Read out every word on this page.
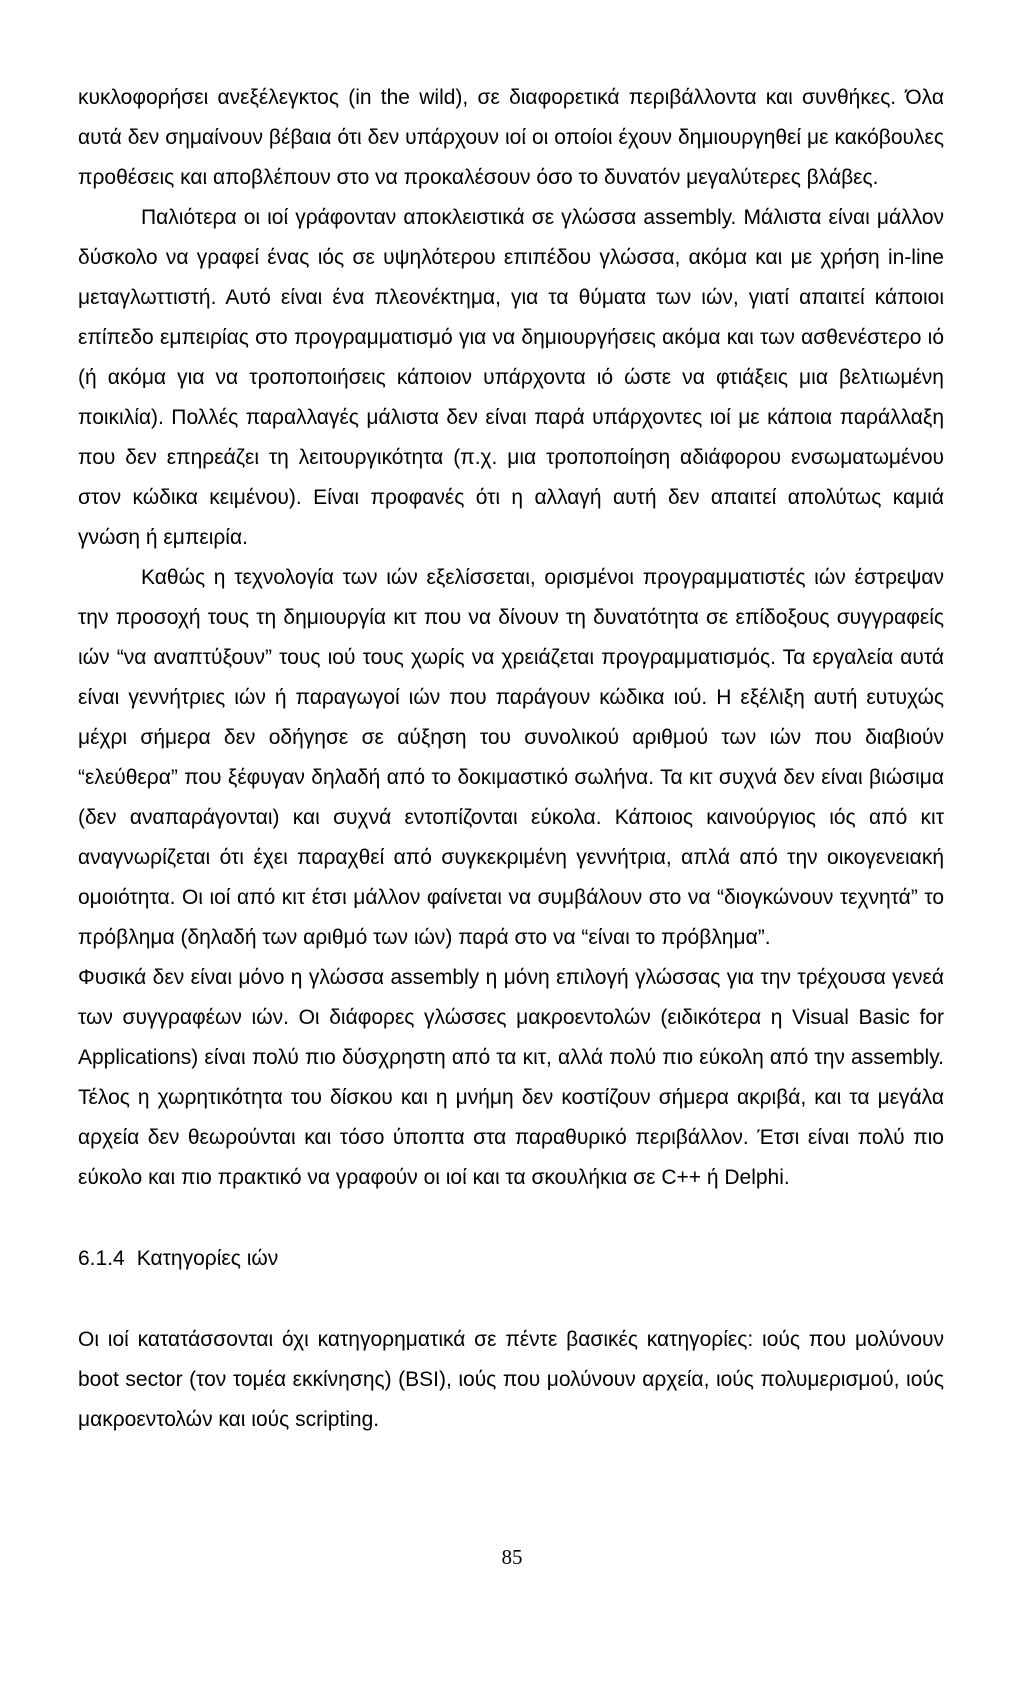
κυκλοφορήσει ανεξέλεγκτος (in the wild), σε διαφορετικά περιβάλλοντα και συνθήκες. Όλα αυτά δεν σημαίνουν βέβαια ότι δεν υπάρχουν ιοί οι οποίοι έχουν δημιουργηθεί με κακόβουλες προθέσεις και αποβλέπουν στο να προκαλέσουν όσο το δυνατόν μεγαλύτερες βλάβες.

Παλιότερα οι ιοί γράφονταν αποκλειστικά σε γλώσσα assembly. Μάλιστα είναι μάλλον δύσκολο να γραφεί ένας ιός σε υψηλότερου επιπέδου γλώσσα, ακόμα και με χρήση in-line μεταγλωττιστή. Αυτό είναι ένα πλεονέκτημα, για τα θύματα των ιών, γιατί απαιτεί κάποιοι επίπεδο εμπειρίας στο προγραμματισμό για να δημιουργήσεις ακόμα και των ασθενέστερο ιό (ή ακόμα για να τροποποιήσεις κάποιον υπάρχοντα ιό ώστε να φτιάξεις μια βελτιωμένη ποικιλία). Πολλές παραλλαγές μάλιστα δεν είναι παρά υπάρχοντες ιοί με κάποια παράλλαξη που δεν επηρεάζει τη λειτουργικότητα (π.χ. μια τροποποίηση αδιάφορου ενσωματωμένου στον κώδικα κειμένου). Είναι προφανές ότι η αλλαγή αυτή δεν απαιτεί απολύτως καμιά γνώση ή εμπειρία.

Καθώς η τεχνολογία των ιών εξελίσσεται, ορισμένοι προγραμματιστές ιών έστρεψαν την προσοχή τους τη δημιουργία κιτ που να δίνουν τη δυνατότητα σε επίδοξους συγγραφείς ιών “να αναπτύξουν” τους ιού τους χωρίς να χρειάζεται προγραμματισμός. Τα εργαλεία αυτά είναι γεννήτριες ιών ή παραγωγοί ιών που παράγουν κώδικα ιού. Η εξέλιξη αυτή ευτυχώς μέχρι σήμερα δεν οδήγησε σε αύξηση του συνολικού αριθμού των ιών που διαβιούν “ελεύθερα” που ξέφυγαν δηλαδή από το δοκιμαστικό σωλήνα. Τα κιτ συχνά δεν είναι βιώσιμα (δεν αναπαράγονται) και συχνά εντοπίζονται εύκολα. Κάποιος καινούργιος ιός από κιτ αναγνωρίζεται ότι έχει παραχθεί από συγκεκριμένη γεννήτρια, απλά από την οικογενειακή ομοιότητα. Οι ιοί από κιτ έτσι μάλλον φαίνεται να συμβάλουν στο να “διογκώνουν τεχνητά” το πρόβλημα (δηλαδή των αριθμό των ιών) παρά στο να “είναι το πρόβλημα”.

Φυσικά δεν είναι μόνο η γλώσσα assembly η μόνη επιλογή γλώσσας για την τρέχουσα γενεά των συγγραφέων ιών. Οι διάφορες γλώσσες μακροεντολών (ειδικότερα η Visual Basic for Applications) είναι πολύ πιο δύσχρηστη από τα κιτ, αλλά πολύ πιο εύκολη από την assembly. Τέλος η χωρητικότητα του δίσκου και η μνήμη δεν κοστίζουν σήμερα ακριβά, και τα μεγάλα αρχεία δεν θεωρούνται και τόσο ύποπτα στα παραθυρικό περιβάλλον. Έτσι είναι πολύ πιο εύκολο και πιο πρακτικό να γραφούν οι ιοί και τα σκουλήκια σε C++ ή Delphi.

6.1.4 Κατηγορίες ιών

Οι ιοί κατατάσσονται όχι κατηγορηματικά σε πέντε βασικές κατηγορίες: ιούς που μολύνουν boot sector (τον τομέα εκκίνησης) (BSI), ιούς που μολύνουν αρχεία, ιούς πολυμερισμού, ιούς μακροεντολών και ιούς scripting.

85
